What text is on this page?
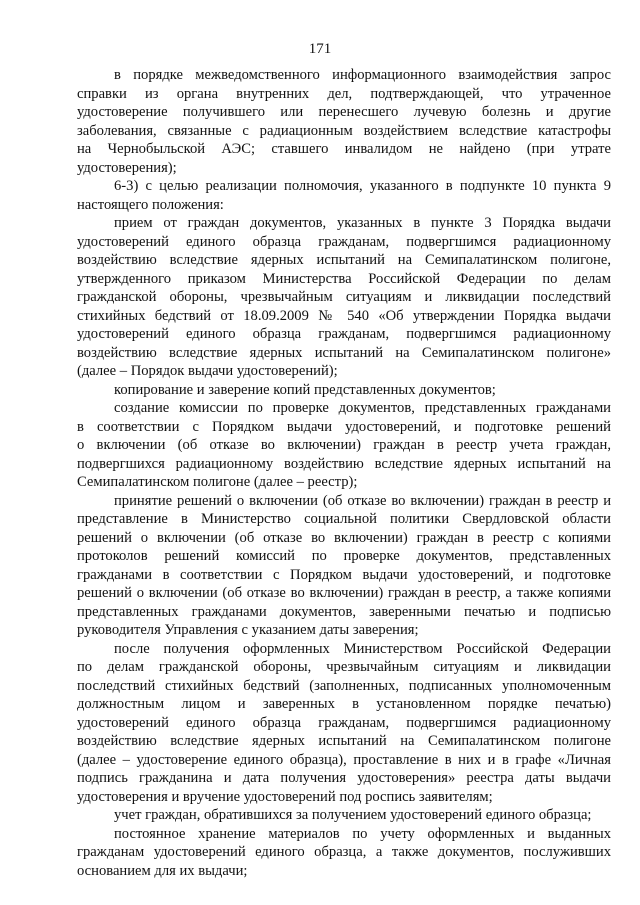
171
в порядке межведомственного информационного взаимодействия запрос
справки из органа внутренних дел, подтверждающей, что утраченное
удостоверение получившего или перенесшего лучевую болезнь и другие
заболевания, связанные с радиационным воздействием вследствие катастрофы
на Чернобыльской АЭС; ставшего инвалидом не найдено (при утрате
удостоверения);
6-3) с целью реализации полномочия, указанного в подпункте 10 пункта 9
настоящего положения:
прием от граждан документов, указанных в пункте 3 Порядка выдачи
удостоверений единого образца гражданам, подвергшимся радиационному
воздействию вследствие ядерных испытаний на Семипалатинском полигоне,
утвержденного приказом Министерства Российской Федерации по делам
гражданской обороны, чрезвычайным ситуациям и ликвидации последствий
стихийных бедствий от 18.09.2009 № 540 «Об утверждении Порядка выдачи
удостоверений единого образца гражданам, подвергшимся радиационному
воздействию вследствие ядерных испытаний на Семипалатинском полигоне»
(далее – Порядок выдачи удостоверений);
копирование и заверение копий представленных документов;
создание комиссии по проверке документов, представленных гражданами
в соответствии с Порядком выдачи удостоверений, и подготовке решений
о включении (об отказе во включении) граждан в реестр учета граждан,
подвергшихся радиационному воздействию вследствие ядерных испытаний на
Семипалатинском полигоне (далее – реестр);
принятие решений о включении (об отказе во включении) граждан в реестр и
представление в Министерство социальной политики Свердловской области
решений о включении (об отказе во включении) граждан в реестр с копиями
протоколов решений комиссий по проверке документов, представленных
гражданами в соответствии с Порядком выдачи удостоверений, и подготовке
решений о включении (об отказе во включении) граждан в реестр, а также копиями
представленных гражданами документов, заверенными печатью и подписью
руководителя Управления с указанием даты заверения;
после получения оформленных Министерством Российской Федерации
по делам гражданской обороны, чрезвычайным ситуациям и ликвидации
последствий стихийных бедствий (заполненных, подписанных уполномоченным
должностным лицом и заверенных в установленном порядке печатью)
удостоверений единого образца гражданам, подвергшимся радиационному
воздействию вследствие ядерных испытаний на Семипалатинском полигоне
(далее – удостоверение единого образца), проставление в них и в графе «Личная
подпись гражданина и дата получения удостоверения» реестра даты выдачи
удостоверения и вручение удостоверений под роспись заявителям;
учет граждан, обратившихся за получением удостоверений единого образца;
постоянное хранение материалов по учету оформленных и выданных
гражданам удостоверений единого образца, а также документов, послуживших
основанием для их выдачи;
